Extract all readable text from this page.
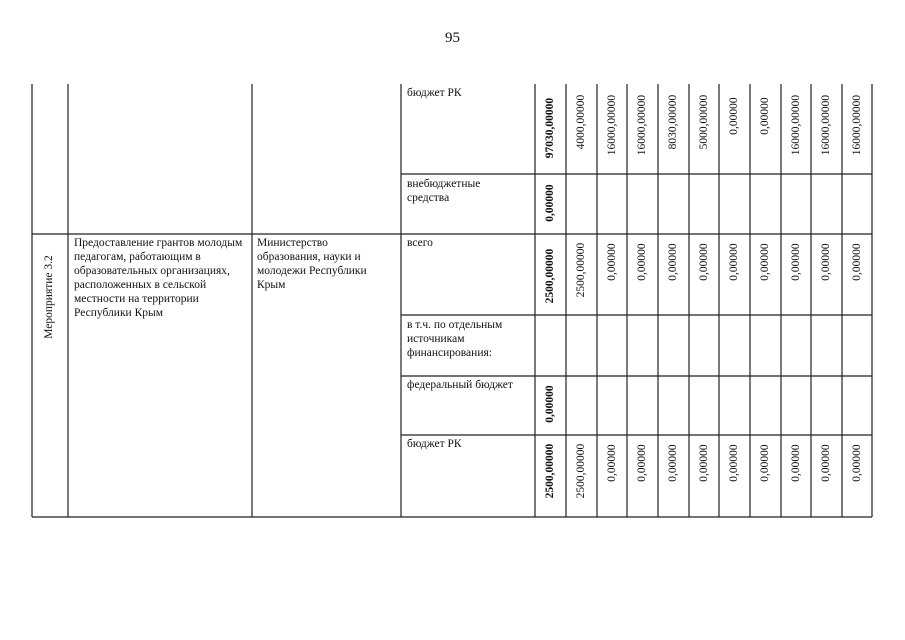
95
бюджет РК
97030,00000 4000,00000 16000,00000 16000,00000 8030,00000 5000,00000 0,00000 0,00000 16000,00000 16000,00000 16000,00000
внебюджетные средства	0,00000
Мероприятие 3.2
Предоставление грантов молодым педагогам, работающим в образовательных организациях, расположенных в сельской местности на территории Республики Крым
Министерство образования, науки и молодежи Республики Крым
всего
2500,00000 2500,00000 0,00000 0,00000 0,00000 0,00000 0,00000 0,00000 0,00000 0,00000 0,00000
в т.ч. по отдельным источникам финансирования:
федеральный бюджет
0,00000
бюджет РК	2500,00000 2500,00000 0,00000 0,00000 0,00000 0,00000 0,00000 0,00000 0,00000 0,00000 0,00000
